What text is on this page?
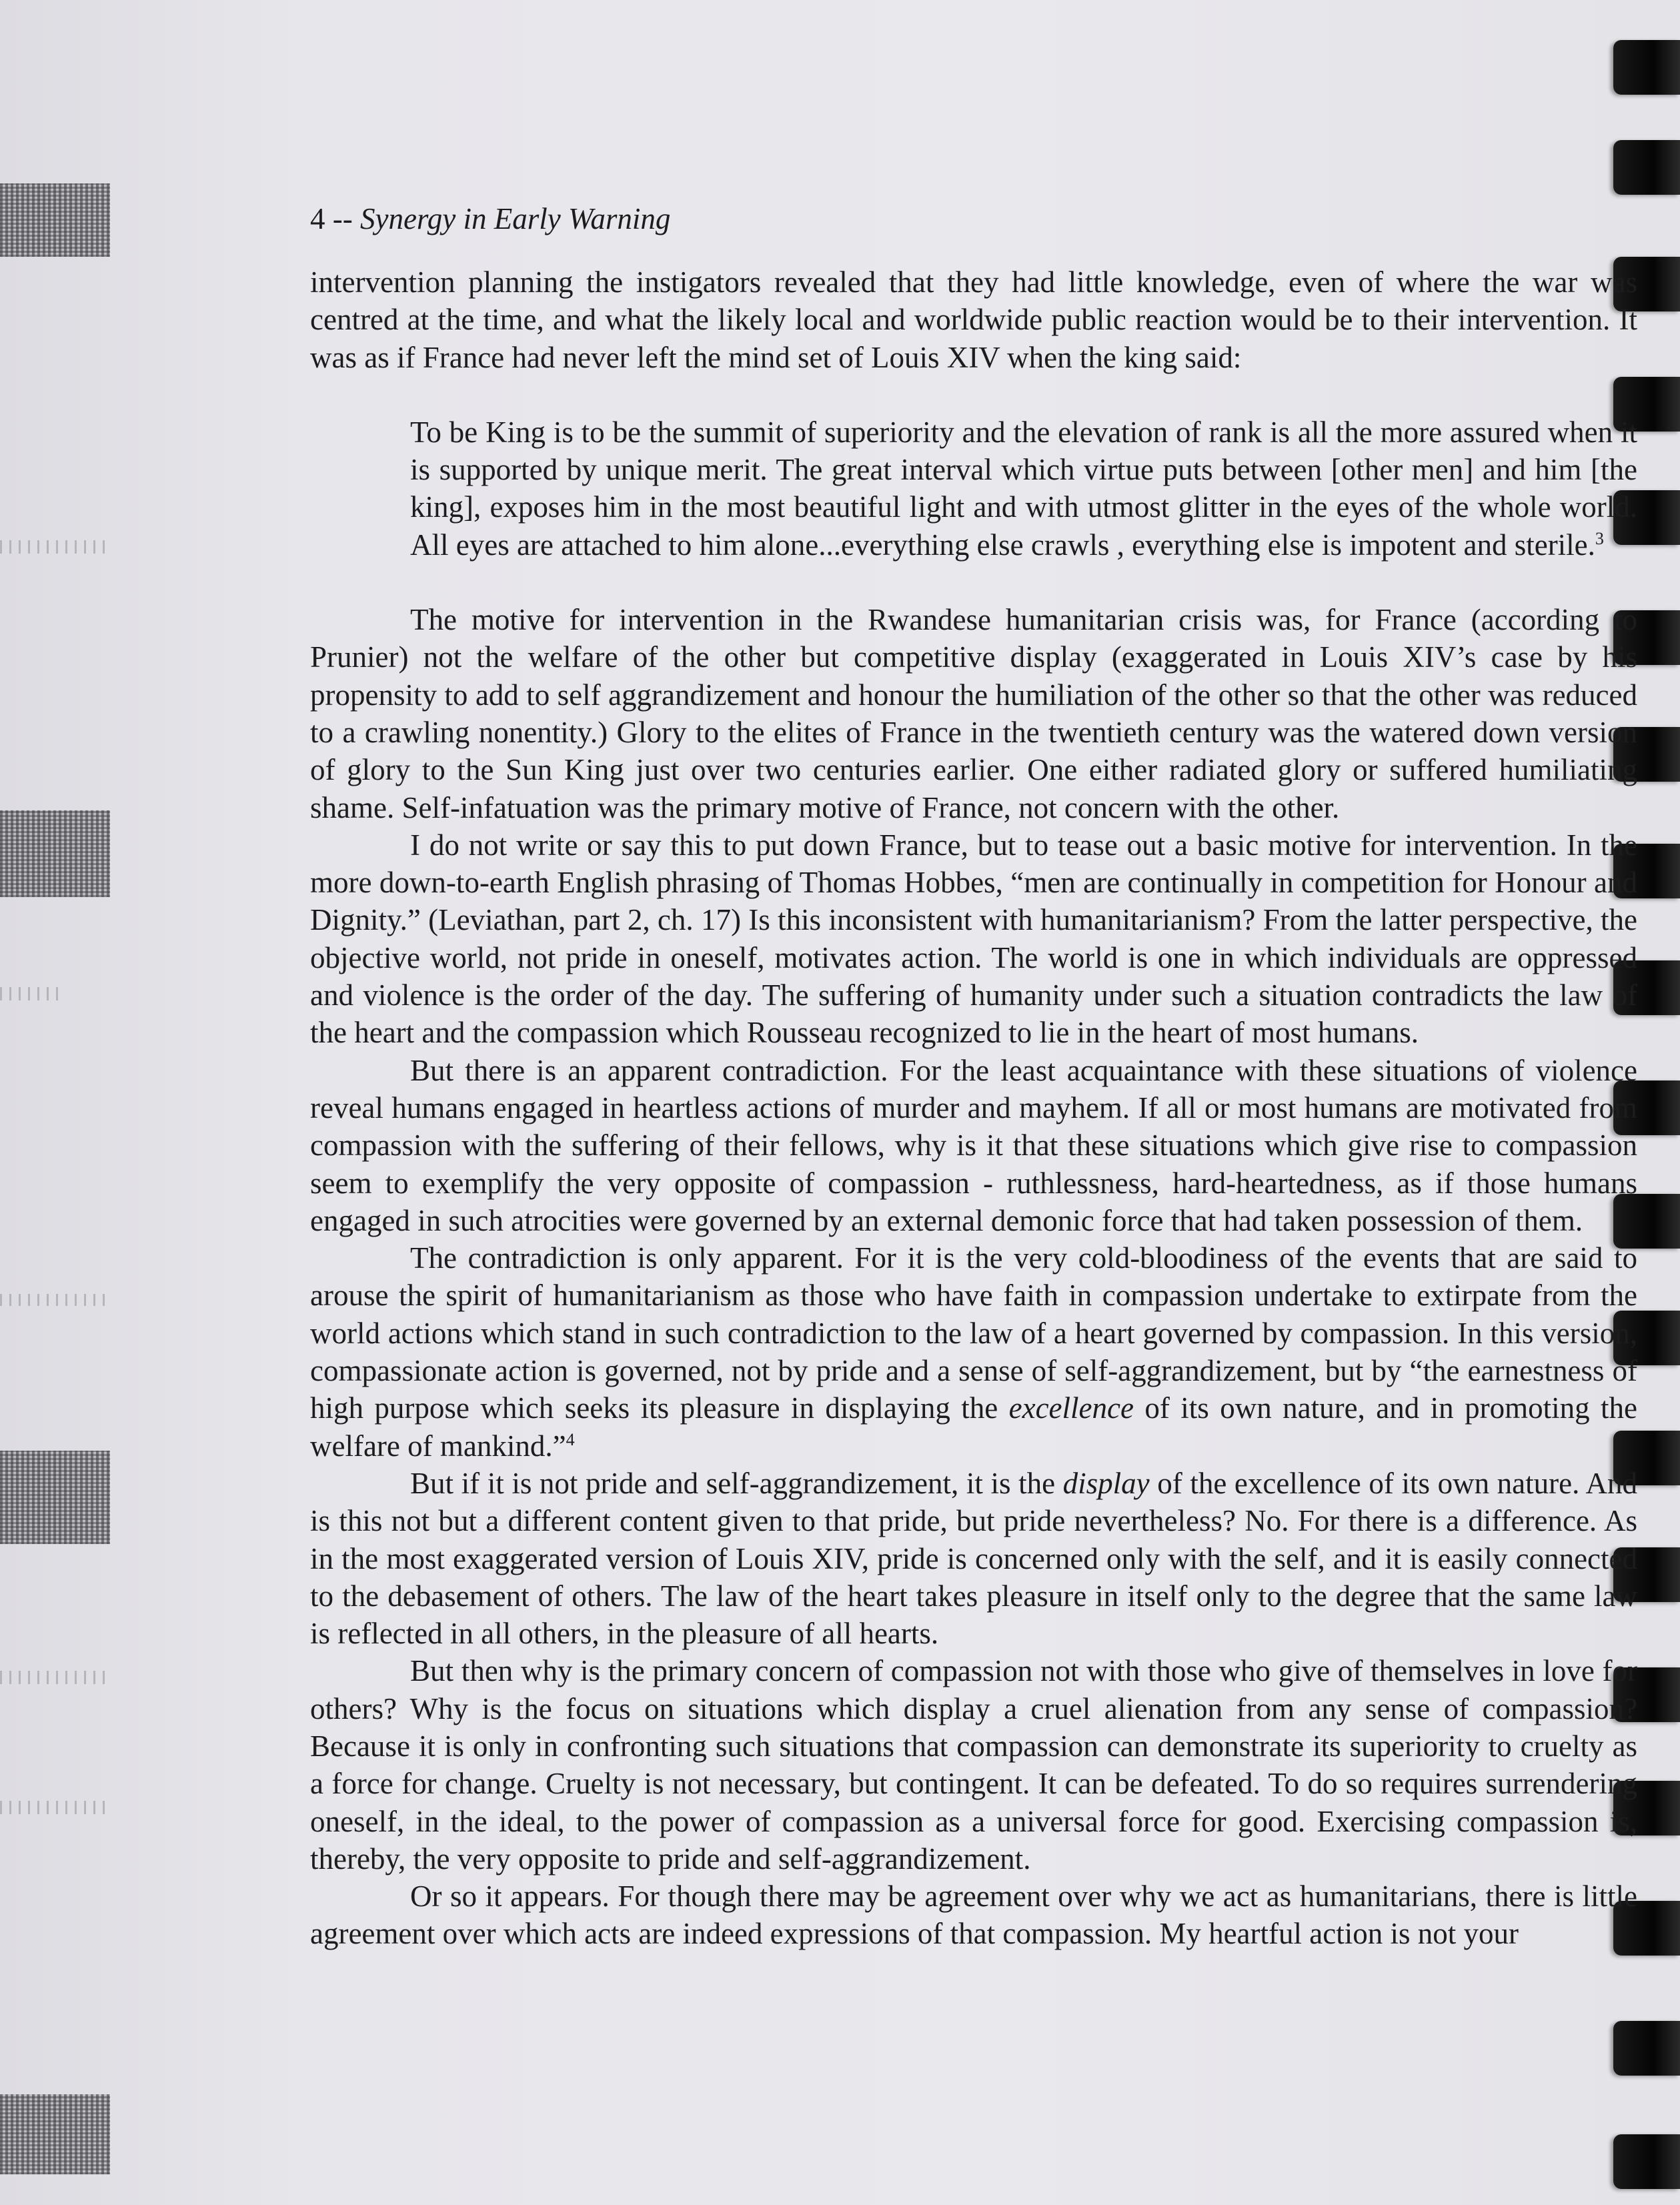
4 -- Synergy in Early Warning

intervention planning the instigators revealed that they had little knowledge, even of where the war was centred at the time, and what the likely local and worldwide public reaction would be to their intervention. It was as if France had never left the mind set of Louis XIV when the king said:

To be King is to be the summit of superiority and the elevation of rank is all the more assured when it is supported by unique merit. The great interval which virtue puts between [other men] and him [the king], exposes him in the most beautiful light and with utmost glitter in the eyes of the whole world. All eyes are attached to him alone...everything else crawls , everything else is impotent and sterile.$^3$

The motive for intervention in the Rwandese humanitarian crisis was, for France (according to Prunier) not the welfare of the other but competitive display (exaggerated in Louis XIV’s case by his propensity to add to self aggrandizement and honour the humiliation of the other so that the other was reduced to a crawling nonentity.) Glory to the elites of France in the twentieth century was the watered down version of glory to the Sun King just over two centuries earlier. One either radiated glory or suffered humiliating shame. Self-infatuation was the primary motive of France, not concern with the other.

I do not write or say this to put down France, but to tease out a basic motive for intervention. In the more down-to-earth English phrasing of Thomas Hobbes, “men are continually in competition for Honour and Dignity.” (Leviathan, part 2, ch. 17) Is this inconsistent with humanitarianism? From the latter perspective, the objective world, not pride in oneself, motivates action. The world is one in which individuals are oppressed and violence is the order of the day. The suffering of humanity under such a situation contradicts the law of the heart and the compassion which Rousseau recognized to lie in the heart of most humans.

But there is an apparent contradiction. For the least acquaintance with these situations of violence reveal humans engaged in heartless actions of murder and mayhem. If all or most humans are motivated from compassion with the suffering of their fellows, why is it that these situations which give rise to compassion seem to exemplify the very opposite of compassion - ruthlessness, hard-heartedness, as if those humans engaged in such atrocities were governed by an external demonic force that had taken possession of them.

The contradiction is only apparent. For it is the very cold-bloodiness of the events that are said to arouse the spirit of humanitarianism as those who have faith in compassion undertake to extirpate from the world actions which stand in such contradiction to the law of a heart governed by compassion. In this version, compassionate action is governed, not by pride and a sense of self-aggrandizement, but by “the earnestness of high purpose which seeks its pleasure in displaying the excellence of its own nature, and in promoting the welfare of mankind.”$^4$

But if it is not pride and self-aggrandizement, it is the display of the excellence of its own nature. And is this not but a different content given to that pride, but pride nevertheless? No. For there is a difference. As in the most exaggerated version of Louis XIV, pride is concerned only with the self, and it is easily connected to the debasement of others. The law of the heart takes pleasure in itself only to the degree that the same law is reflected in all others, in the pleasure of all hearts.

But then why is the primary concern of compassion not with those who give of themselves in love for others? Why is the focus on situations which display a cruel alienation from any sense of compassion? Because it is only in confronting such situations that compassion can demonstrate its superiority to cruelty as a force for change. Cruelty is not necessary, but contingent. It can be defeated. To do so requires surrendering oneself, in the ideal, to the power of compassion as a universal force for good. Exercising compassion is, thereby, the very opposite to pride and self-aggrandizement.

Or so it appears. For though there may be agreement over why we act as humanitarians, there is little agreement over which acts are indeed expressions of that compassion. My heartful action is not your
